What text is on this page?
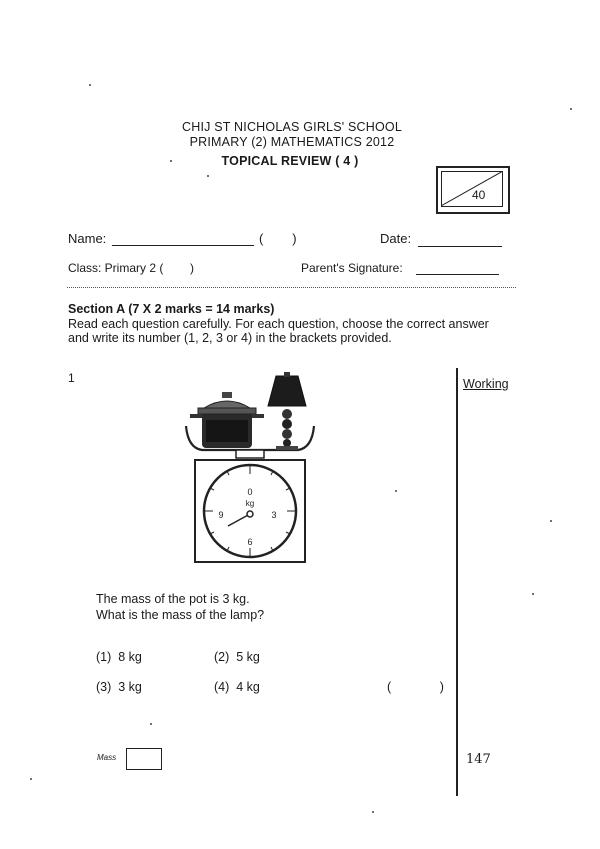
CHIJ ST NICHOLAS GIRLS' SCHOOL
PRIMARY (2) MATHEMATICS 2012
TOPICAL REVIEW ( 4 )
40
Name:	(        )	Date:
Class: Primary 2 (        )	Parent's Signature:
Section A (7 X 2 marks = 14 marks)
Read each question carefully. For each question, choose the correct answer
and write its number (1, 2, 3 or 4) in the brackets provided.
1	Working
0
kg
3
6
9
The mass of the pot is 3 kg.
What is the mass of the lamp?
(1)  8 kg	(2)  5 kg
(3)  3 kg	(4)  4 kg	(              )
Mass	147
